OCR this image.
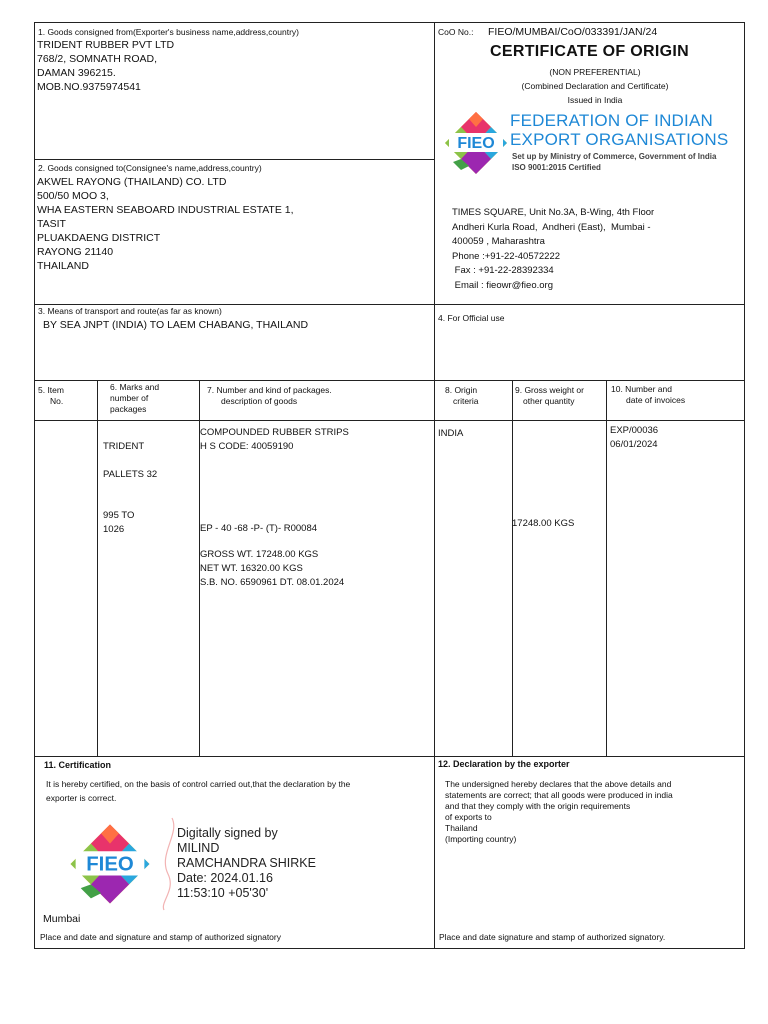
1. Goods consigned from(Exporter's business name,address,country)
TRIDENT RUBBER PVT LTD
768/2, SOMNATH ROAD,
DAMAN 396215.
MOB.NO.9375974541
CoO No.: FIEO/MUMBAI/CoO/033391/JAN/24
CERTIFICATE OF ORIGIN
(NON PREFERENTIAL)
(Combined Declaration and Certificate)
Issued in India
FIEO
FEDERATION OF INDIAN
EXPORT ORGANISATIONS
Set up by Ministry of Commerce, Government of India
ISO 9001:2015 Certified
TIMES SQUARE, Unit No.3A, B-Wing, 4th Floor
Andheri Kurla Road,  Andheri (East),  Mumbai -
400059 , Maharashtra
Phone :+91-22-40572222
Fax : +91-22-28392334
Email : fieowr@fieo.org
2. Goods consigned to(Consignee's name,address,country)
AKWEL RAYONG (THAILAND) CO. LTD
500/50 MOO 3,
WHA EASTERN SEABOARD INDUSTRIAL ESTATE 1,
TASIT
PLUAKDAENG DISTRICT
RAYONG 21140
THAILAND
3. Means of transport and route(as far as known)
BY SEA JNPT (INDIA) TO LAEM CHABANG, THAILAND
4. For Official use
5. Item
No.
6. Marks and
number of
packages
7. Number and kind of packages.
description of goods
8. Origin
criteria
9. Gross weight or
other quantity
10. Number and
date of invoices
TRIDENT
PALLETS 32
995 TO
1026
COMPOUNDED RUBBER STRIPS
H S CODE: 40059190
EP - 40 -68 -P- (T)- R00084
GROSS WT. 17248.00 KGS
NET WT. 16320.00 KGS
S.B. NO. 6590961 DT. 08.01.2024
INDIA
17248.00 KGS
EXP/00036
06/01/2024
11. Certification
It is hereby certified, on the basis of control carried out,that the declaration by the
exporter is correct.
FIEO
Digitally signed by
MILIND
RAMCHANDRA SHIRKE
Date: 2024.01.16
11:53:10 +05'30'
Mumbai
Place and date and signature and stamp of authorized signatory
12. Declaration by the exporter
The undersigned hereby declares that the above details and
statements are correct; that all goods were produced in india
and that they comply with the origin requirements
of exports to
Thailand
(Importing country)
Place and date signature and stamp of authorized signatory.
